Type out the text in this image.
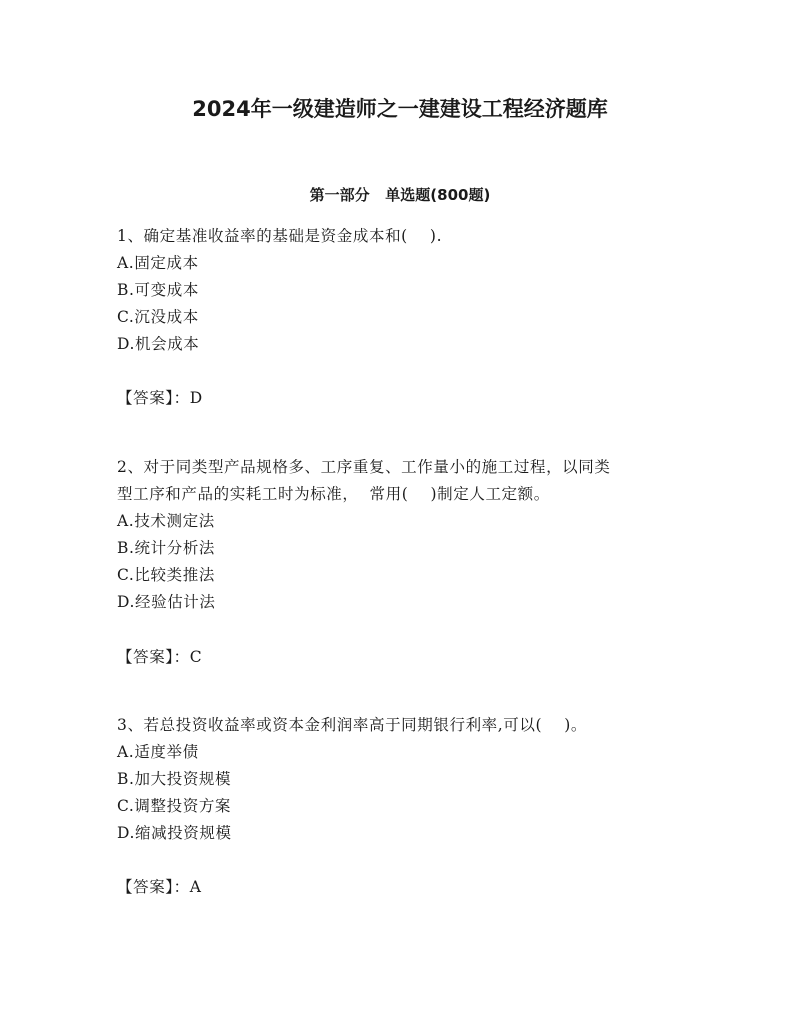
2024年一级建造师之一建建设工程经济题库
第一部分   单选题(800题)
1、确定基准收益率的基础是资金成本和(    ).
A.固定成本
B.可变成本
C.沉没成本
D.机会成本
【答案】：D
2、对于同类型产品规格多、工序重复、工作量小的施工过程，以同类
型工序和产品的实耗工时为标准，  常用(    )制定人工定额。
A.技术测定法
B.统计分析法
C.比较类推法
D.经验估计法
【答案】：C
3、若总投资收益率或资本金利润率高于同期银行利率,可以(    )。
A.适度举债
B.加大投资规模
C.调整投资方案
D.缩减投资规模
【答案】：A
